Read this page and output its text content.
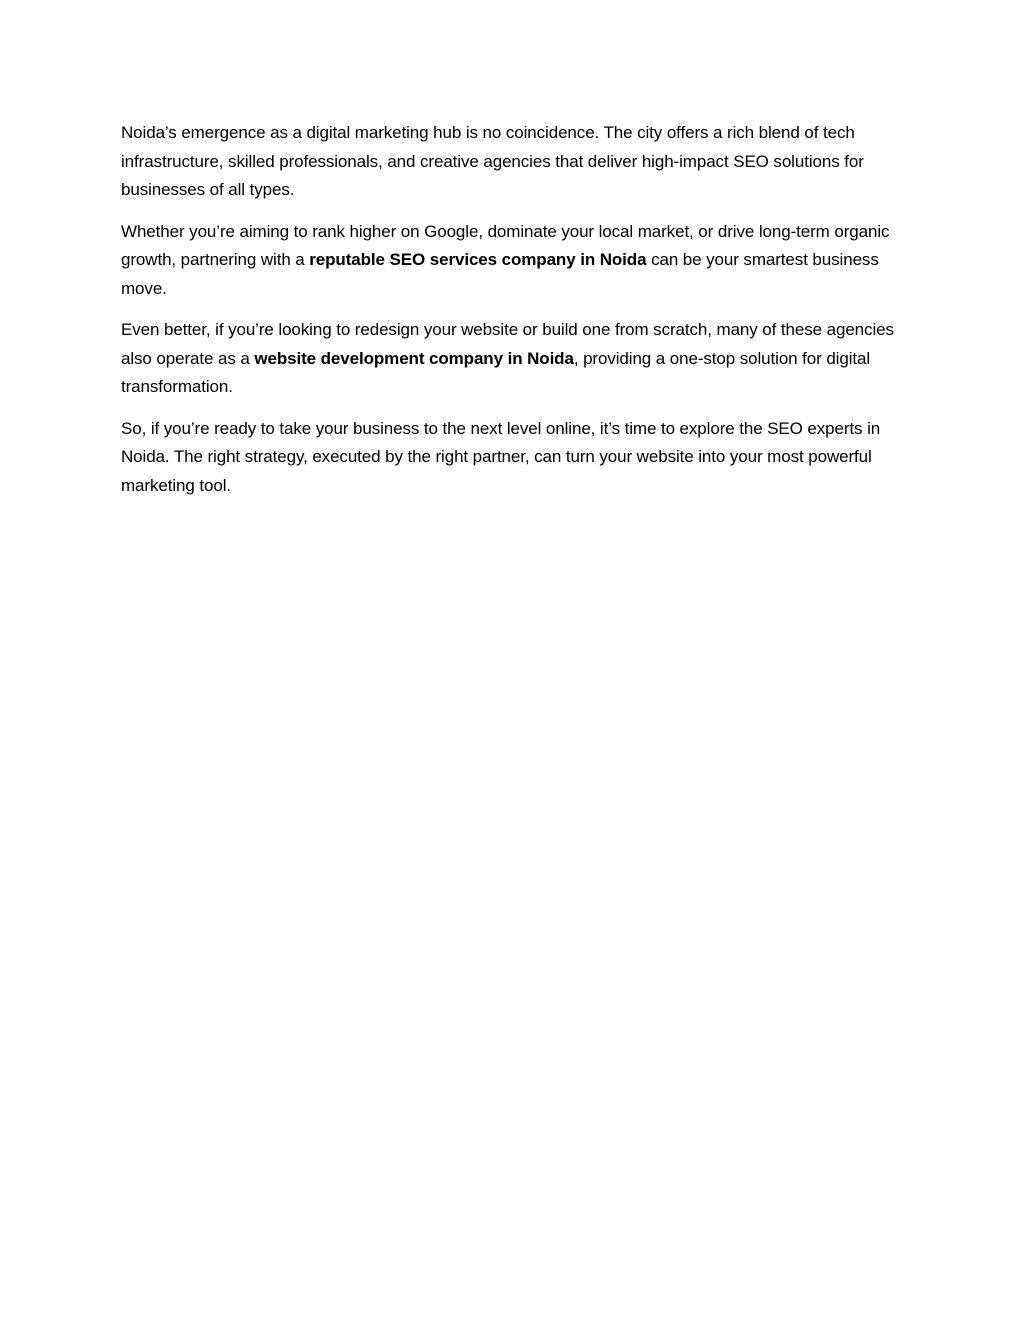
Noida’s emergence as a digital marketing hub is no coincidence. The city offers a rich blend of tech infrastructure, skilled professionals, and creative agencies that deliver high-impact SEO solutions for businesses of all types.

Whether you’re aiming to rank higher on Google, dominate your local market, or drive long-term organic growth, partnering with a reputable SEO services company in Noida can be your smartest business move.

Even better, if you’re looking to redesign your website or build one from scratch, many of these agencies also operate as a website development company in Noida, providing a one-stop solution for digital transformation.

So, if you’re ready to take your business to the next level online, it’s time to explore the SEO experts in Noida. The right strategy, executed by the right partner, can turn your website into your most powerful marketing tool.
